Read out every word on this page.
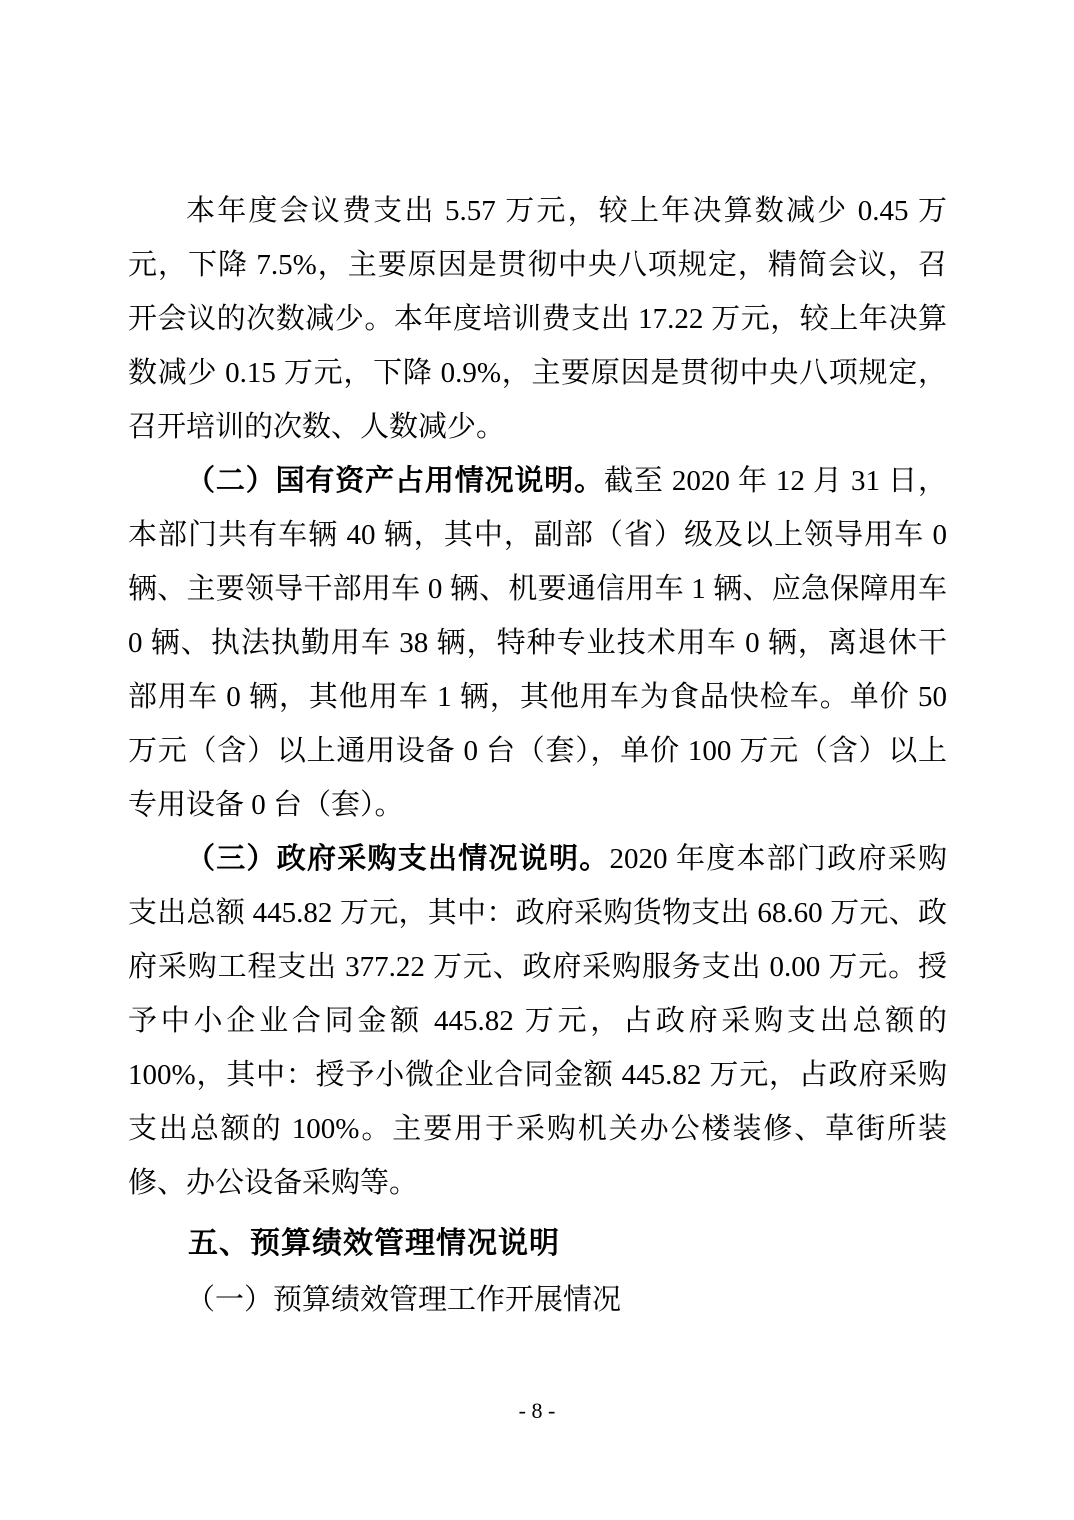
本年度会议费支出 5.57 万元，较上年决算数减少 0.45 万元，下降 7.5%，主要原因是贯彻中央八项规定，精简会议，召开会议的次数减少。本年度培训费支出 17.22 万元，较上年决算数减少 0.15 万元，下降 0.9%，主要原因是贯彻中央八项规定，召开培训的次数、人数减少。

（二）国有资产占用情况说明。截至 2020 年 12 月 31 日，本部门共有车辆 40 辆，其中，副部（省）级及以上领导用车 0 辆、主要领导干部用车 0 辆、机要通信用车 1 辆、应急保障用车 0 辆、执法执勤用车 38 辆，特种专业技术用车 0 辆，离退休干部用车 0 辆，其他用车 1 辆，其他用车为食品快检车。单价 50 万元（含）以上通用设备 0 台（套），单价 100 万元（含）以上专用设备 0 台（套）。

（三）政府采购支出情况说明。2020 年度本部门政府采购支出总额 445.82 万元，其中：政府采购货物支出 68.60 万元、政府采购工程支出 377.22 万元、政府采购服务支出 0.00 万元。授予中小企业合同金额 445.82 万元，占政府采购支出总额的 100%，其中：授予小微企业合同金额 445.82 万元，占政府采购支出总额的 100%。主要用于采购机关办公楼装修、草街所装修、办公设备采购等。

五、预算绩效管理情况说明

（一）预算绩效管理工作开展情况

- 8 -
